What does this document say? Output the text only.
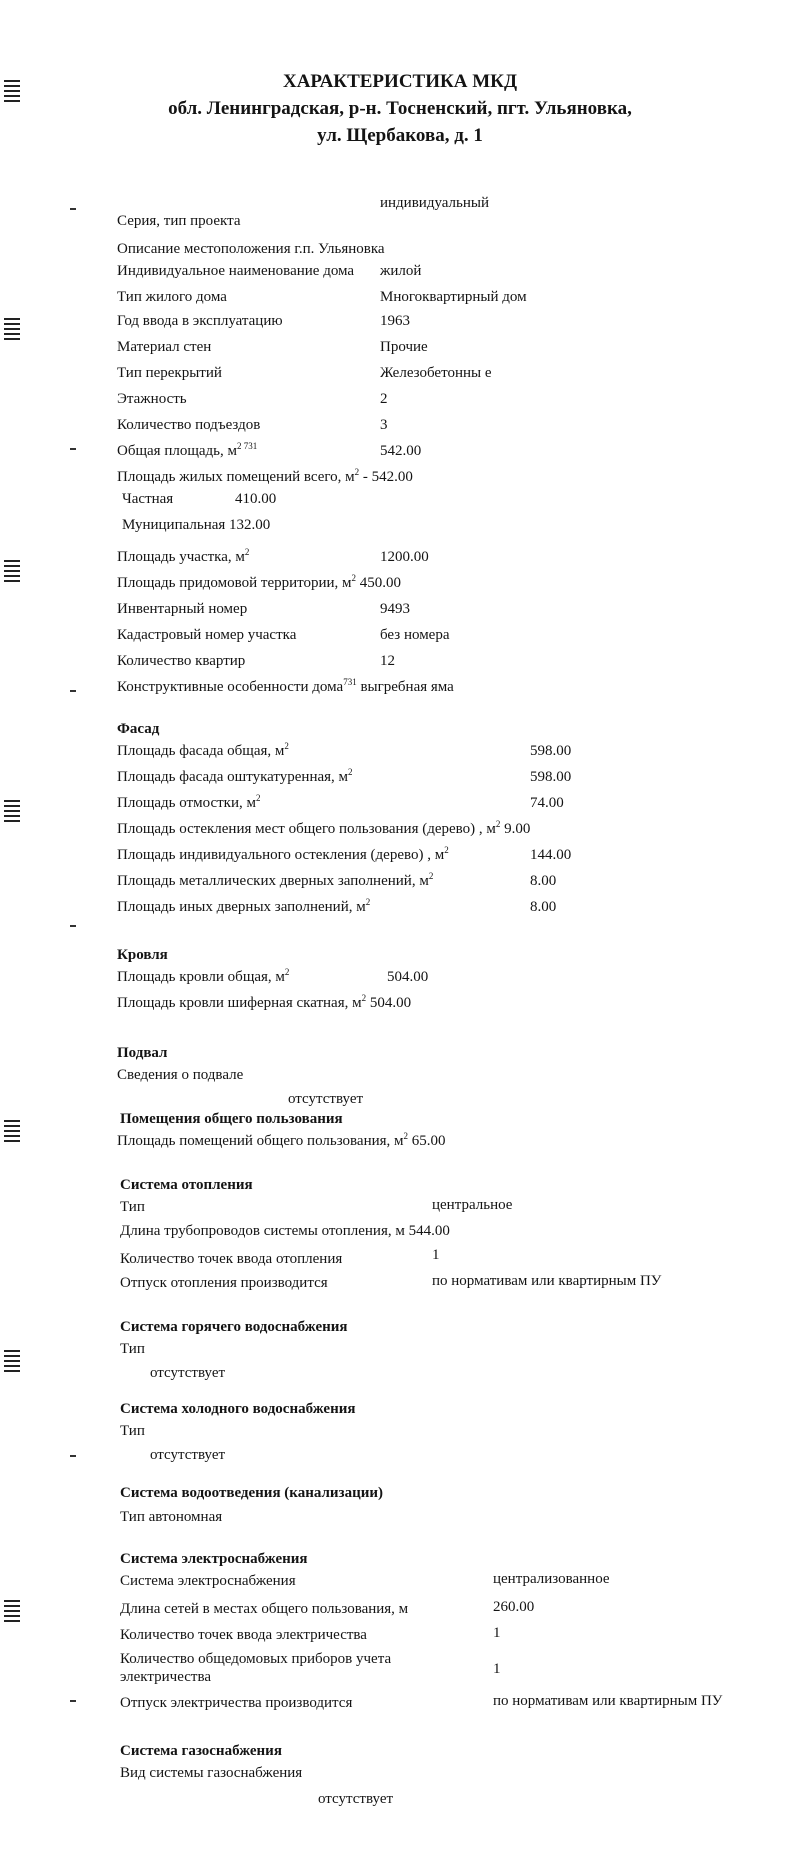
ХАРАКТЕРИСТИКА МКД
обл. Ленинградская, р-н. Тосненский, пгт. Ульяновка,
ул. Щербакова, д. 1
индивидуальный
Серия, тип проекта
Описание местоположения г.п. Ульяновка
Индивидуальное наименование дома жилой
Тип жилого дома	Многоквартирный дом
Год ввода в эксплуатацию	1963
Материал стен	Прочие
Тип перекрытий	Железобетонны е
Этажность	2
Количество подъездов	3
Общая площадь, $м^{2 731}$	542.00
Площадь жилых помещений всего, $м^2 - 542.00$
Частная	410.00
Муниципальная 132.00
Площадь участка, $м^2$	1200.00
Площадь придомовой территории, $м^2$ 450.00
Инвентарный номер	9493
Кадастровый номер участка	без номера
Количество квартир	12
Конструктивные особенности дома$^{731}$ выгребная яма
Фасад
Площадь фасада общая, $м^2$	598.00
Площадь фасада оштукатуренная, $м^2$	598.00
Площадь отмостки, $м^2$	74.00
Площадь остекления мест общего пользования (дерево) , $м^2$ 9.00
Площадь индивидуального остекления (дерево) , $м^2$	144.00
Площадь металлических дверных заполнений, $м^2$	8.00
Площадь иных дверных заполнений, $м^2$	8.00
Кровля
Площадь кровли общая, $м^2$	504.00
Площадь кровли шиферная скатная, $м^2$ 504.00
Подвал
Сведения о подвале
отсутствует
Помещения общего пользования
Площадь помещений общего пользования, $м^2$ 65.00
Система отопления
Тип	центральное
Длина трубопроводов системы отопления, м 544.00
Количество точек ввода отопления	1
Отпуск отопления производится	по нормативам или квартирным ПУ
Система горячего водоснабжения
Тип
отсутствует
Система холодного водоснабжения
Тип
отсутствует
Система водоотведения (канализации)
Тип автономная
Система электроснабжения
Система электроснабжения	централизованное
Длина сетей в местах общего пользования, м	260.00
Количество точек ввода электричества	1
Количество общедомовых приборов учета
электричества	1
Отпуск электричества производится	по нормативам или квартирным ПУ
Система газоснабжения
Вид системы газоснабжения
отсутствует
